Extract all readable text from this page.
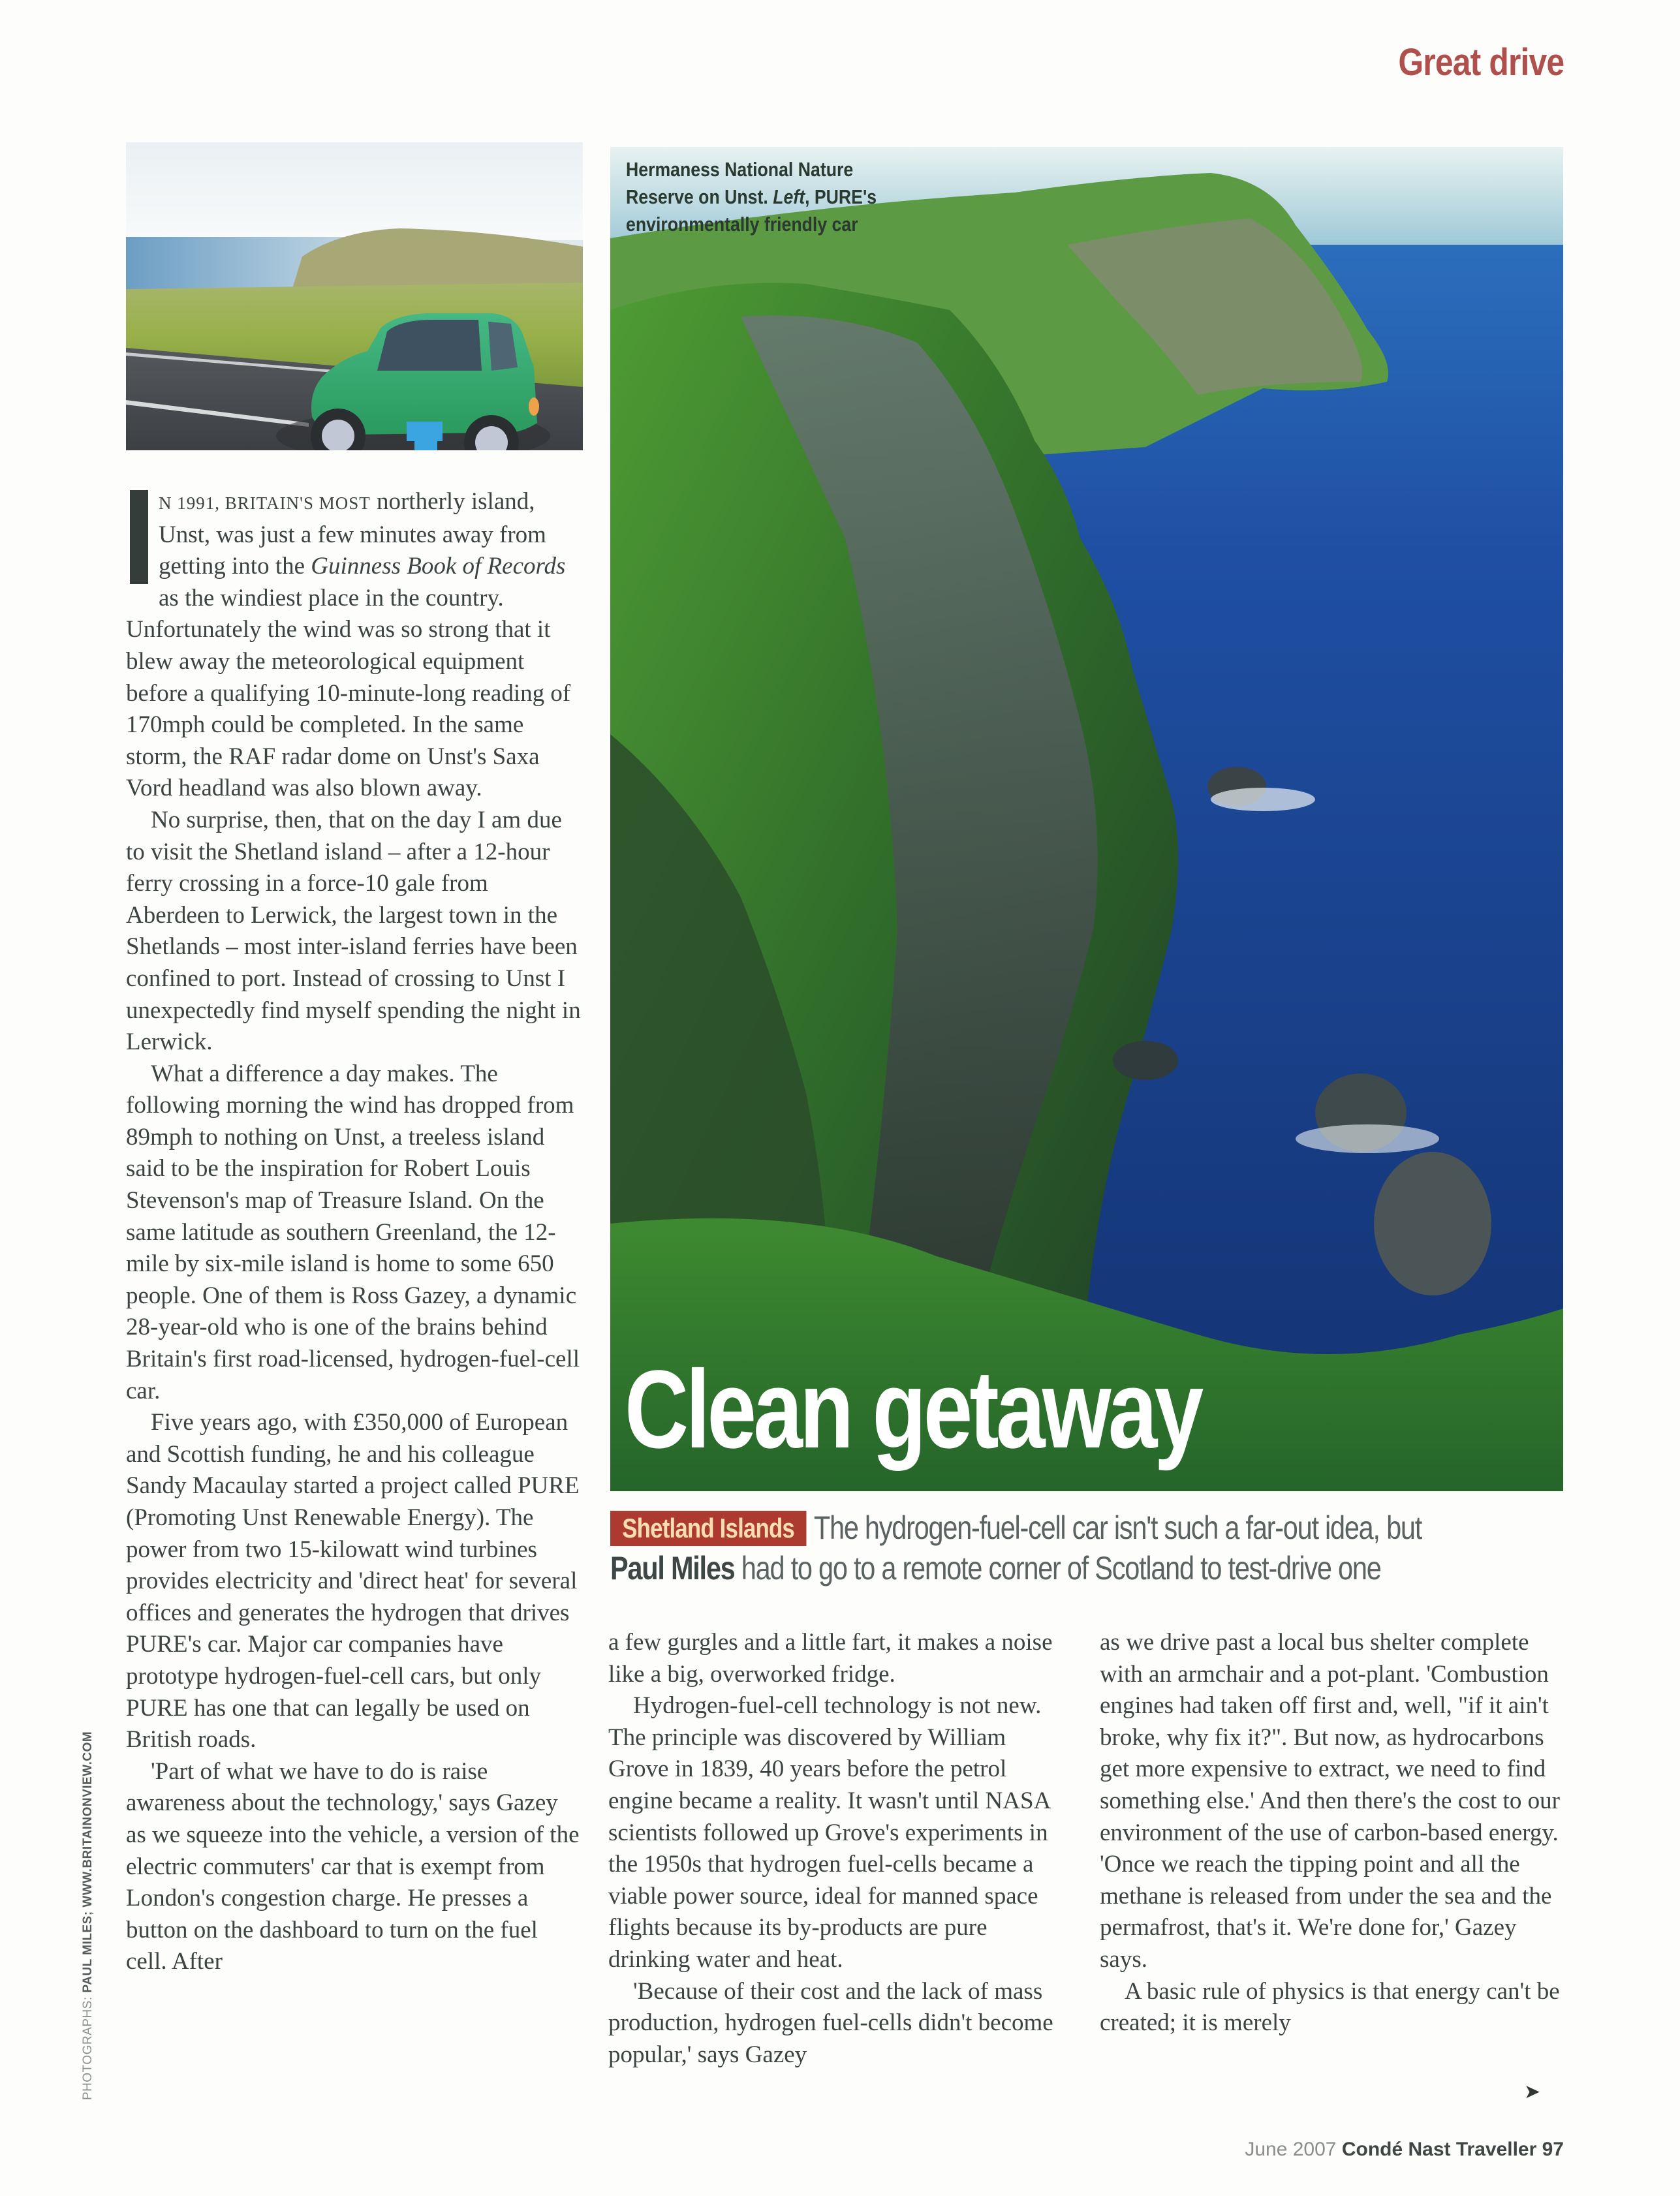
Great drive
Hermaness National Nature Reserve on Unst. Left, PURE's environmentally friendly car
Clean getaway
Shetland Islands The hydrogen-fuel-cell car isn't such a far-out idea, but
Paul Miles had to go to a remote corner of Scotland to test-drive one

N 1991, BRITAIN'S MOST northerly island, Unst, was just a few minutes away from getting into the Guinness Book of Records as the windiest place in the country. Unfortunately the wind was so strong that it blew away the meteorological equipment before a qualifying 10-minute-long reading of 170mph could be completed. In the same storm, the RAF radar dome on Unst's Saxa Vord headland was also blown away.

No surprise, then, that on the day I am due to visit the Shetland island – after a 12-hour ferry crossing in a force-10 gale from Aberdeen to Lerwick, the largest town in the Shetlands – most inter-island ferries have been confined to port. Instead of crossing to Unst I unexpectedly find myself spending the night in Lerwick.

What a difference a day makes. The following morning the wind has dropped from 89mph to nothing on Unst, a treeless island said to be the inspiration for Robert Louis Stevenson's map of Treasure Island. On the same latitude as southern Greenland, the 12-mile by six-mile island is home to some 650 people. One of them is Ross Gazey, a dynamic 28-year-old who is one of the brains behind Britain's first road-licensed, hydrogen-fuel-cell car.

Five years ago, with £350,000 of European and Scottish funding, he and his colleague Sandy Macaulay started a project called PURE (Promoting Unst Renewable Energy). The power from two 15-kilowatt wind turbines provides electricity and 'direct heat' for several offices and generates the hydrogen that drives PURE's car. Major car companies have prototype hydrogen-fuel-cell cars, but only PURE has one that can legally be used on British roads.

'Part of what we have to do is raise awareness about the technology,' says Gazey as we squeeze into the vehicle, a version of the electric commuters' car that is exempt from London's congestion charge. He presses a button on the dashboard to turn on the fuel cell. After

a few gurgles and a little fart, it makes a noise like a big, overworked fridge.

Hydrogen-fuel-cell technology is not new. The principle was discovered by William Grove in 1839, 40 years before the petrol engine became a reality. It wasn't until NASA scientists followed up Grove's experiments in the 1950s that hydrogen fuel-cells became a viable power source, ideal for manned space flights because its by-products are pure drinking water and heat.

'Because of their cost and the lack of mass production, hydrogen fuel-cells didn't become popular,' says Gazey

as we drive past a local bus shelter complete with an armchair and a pot-plant. 'Combustion engines had taken off first and, well, "if it ain't broke, why fix it?". But now, as hydrocarbons get more expensive to extract, we need to find something else.' And then there's the cost to our environment of the use of carbon-based energy. 'Once we reach the tipping point and all the methane is released from under the sea and the permafrost, that's it. We're done for,' Gazey says.

A basic rule of physics is that energy can't be created; it is merely

➤
PHOTOGRAPHS: PAUL MILES; WWW.BRITAINONVIEW.COM
June 2007 Condé Nast Traveller 97
